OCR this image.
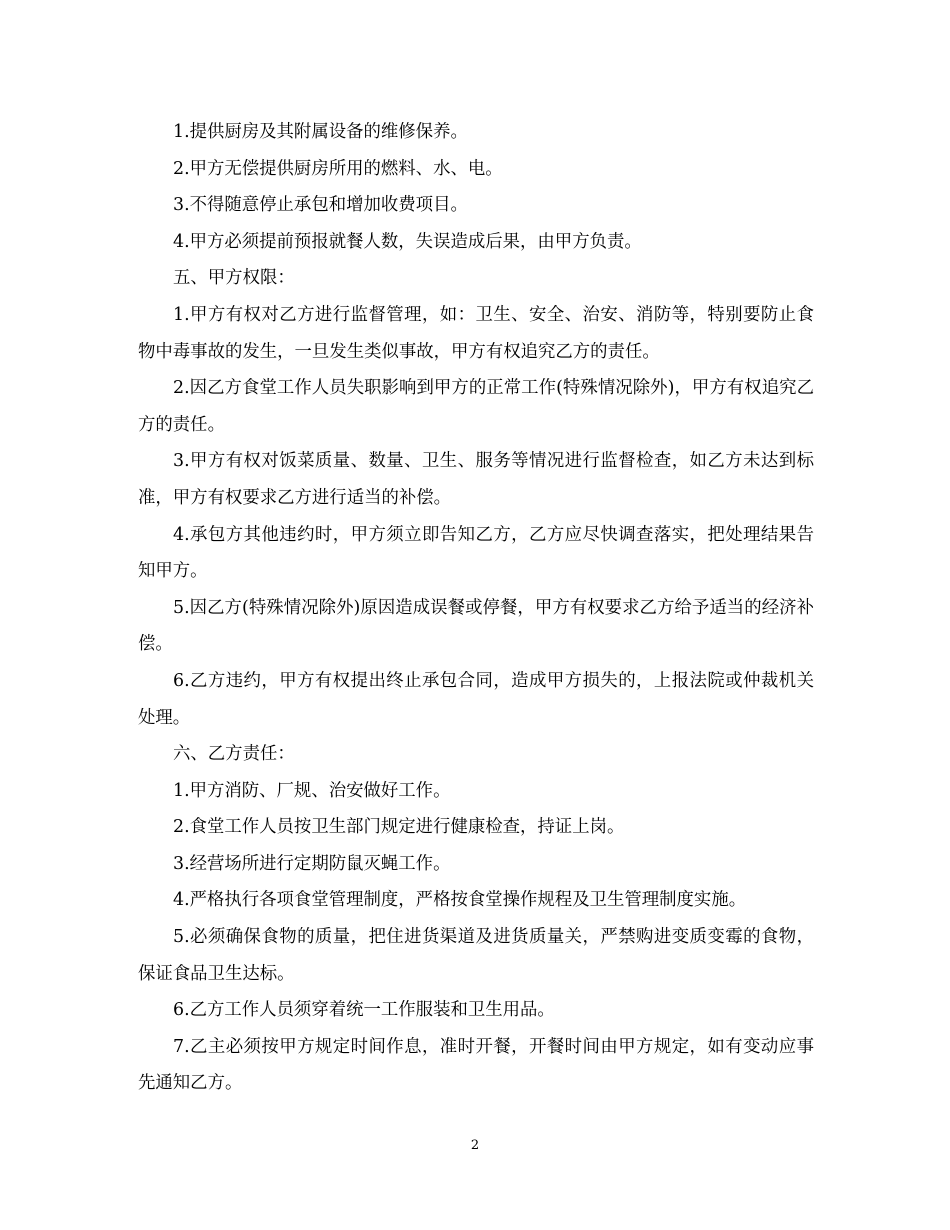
1.提供厨房及其附属设备的维修保养。

2.甲方无偿提供厨房所用的燃料、水、电。

3.不得随意停止承包和增加收费项目。

4.甲方必须提前预报就餐人数，失误造成后果，由甲方负责。

五、甲方权限：

1.甲方有权对乙方进行监督管理，如：卫生、安全、治安、消防等，特别要防止食物中毒事故的发生，一旦发生类似事故，甲方有权追究乙方的责任。

2.因乙方食堂工作人员失职影响到甲方的正常工作(特殊情况除外)，甲方有权追究乙方的责任。

3.甲方有权对饭菜质量、数量、卫生、服务等情况进行监督检查，如乙方未达到标准，甲方有权要求乙方进行适当的补偿。

4.承包方其他违约时，甲方须立即告知乙方，乙方应尽快调查落实，把处理结果告知甲方。

5.因乙方(特殊情况除外)原因造成误餐或停餐，甲方有权要求乙方给予适当的经济补偿。

6.乙方违约，甲方有权提出终止承包合同，造成甲方损失的，上报法院或仲裁机关处理。

六、乙方责任：

1.甲方消防、厂规、治安做好工作。

2.食堂工作人员按卫生部门规定进行健康检查，持证上岗。

3.经营场所进行定期防鼠灭蝇工作。

4.严格执行各项食堂管理制度，严格按食堂操作规程及卫生管理制度实施。

5.必须确保食物的质量，把住进货渠道及进货质量关，严禁购进变质变霉的食物，保证食品卫生达标。

6.乙方工作人员须穿着统一工作服装和卫生用品。

7.乙主必须按甲方规定时间作息，准时开餐，开餐时间由甲方规定，如有变动应事先通知乙方。

2
